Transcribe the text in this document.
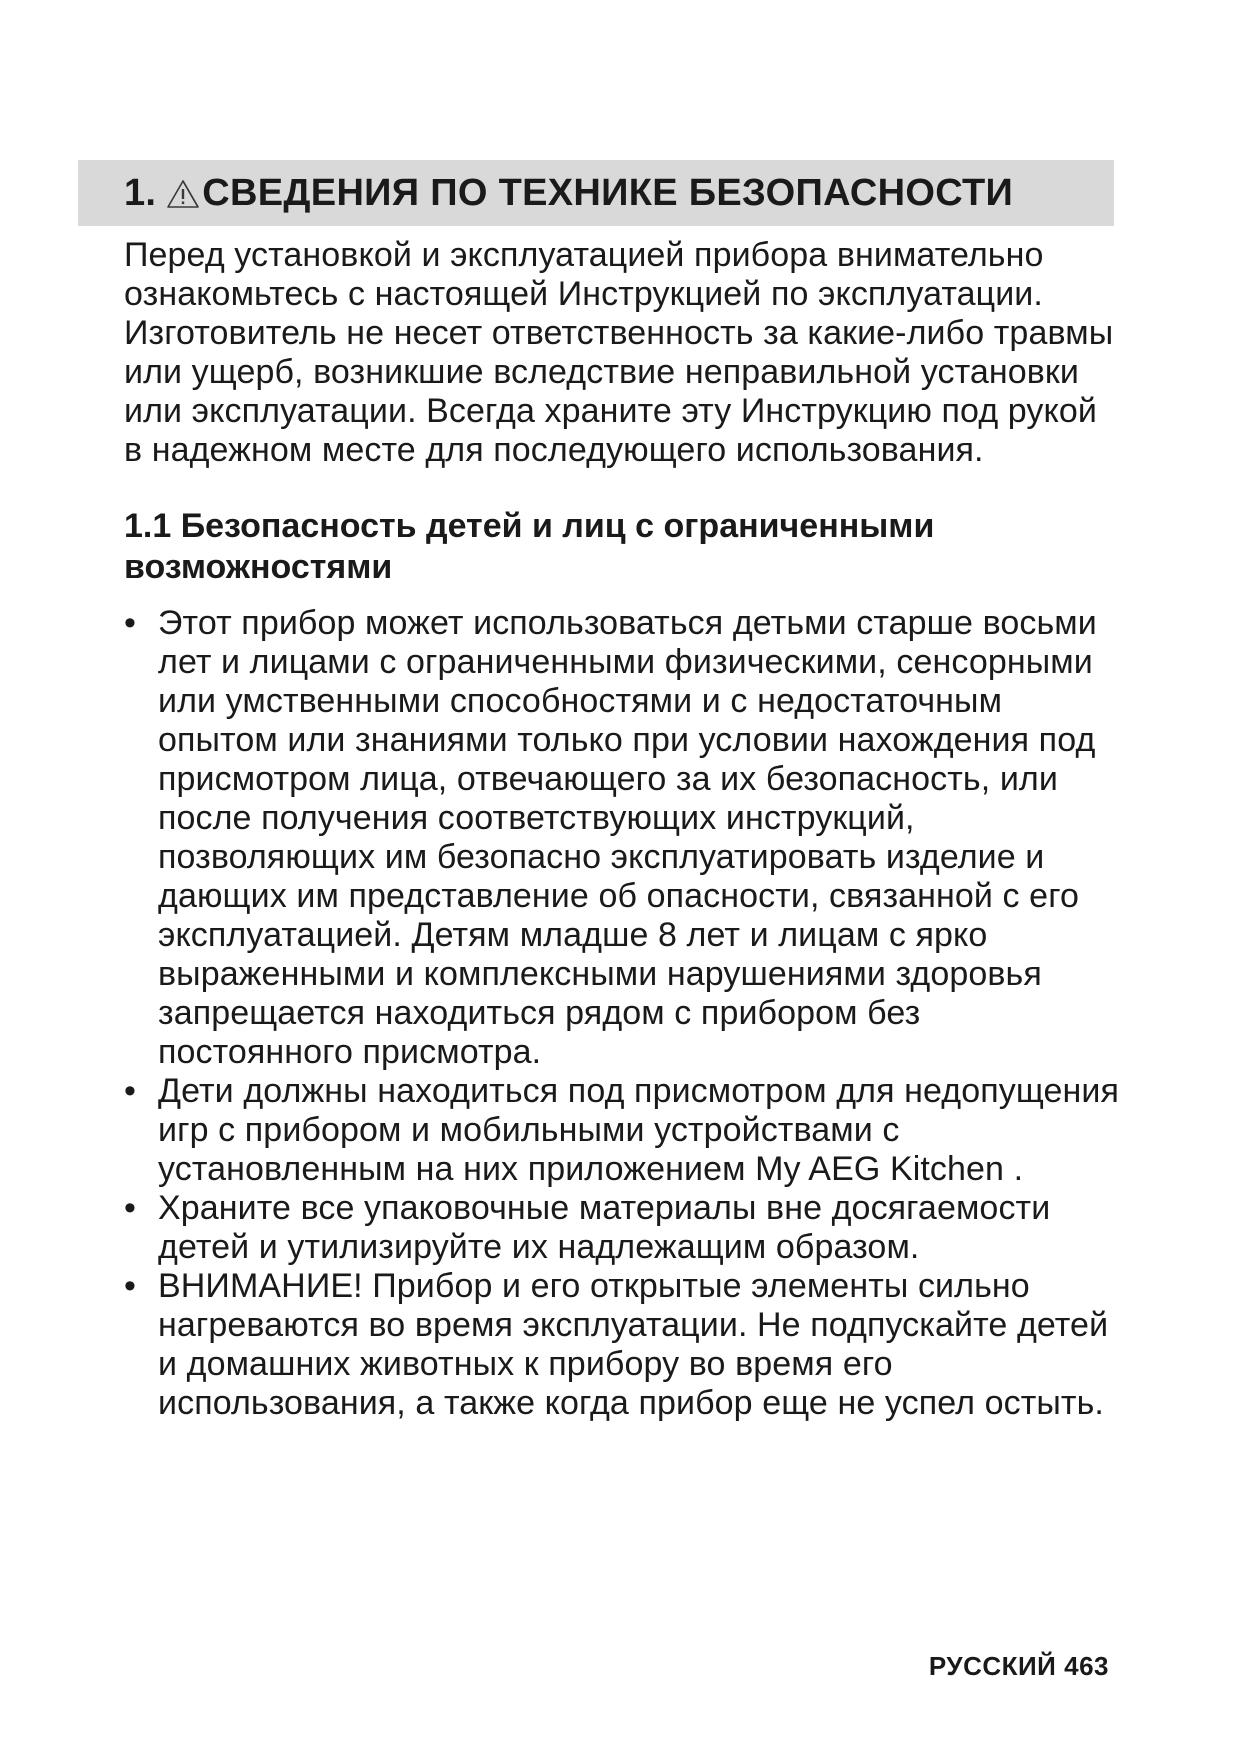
1. СВЕДЕНИЯ ПО ТЕХНИКЕ БЕЗОПАСНОСТИ

Перед установкой и эксплуатацией прибора внимательно ознакомьтесь с настоящей Инструкцией по эксплуатации. Изготовитель не несет ответственность за какие-либо травмы или ущерб, возникшие вследствие неправильной установки или эксплуатации. Всегда храните эту Инструкцию под рукой в надежном месте для последующего использования.

1.1 Безопасность детей и лиц с ограниченными возможностями
• Этот прибор может использоваться детьми старше восьми лет и лицами с ограниченными физическими, сенсорными или умственными способностями и с недостаточным опытом или знаниями только при условии нахождения под присмотром лица, отвечающего за их безопасность, или после получения соответствующих инструкций, позволяющих им безопасно эксплуатировать изделие и дающих им представление об опасности, связанной с его эксплуатацией. Детям младше 8 лет и лицам с ярко выраженными и комплексными нарушениями здоровья запрещается находиться рядом с прибором без постоянного присмотра.
• Дети должны находиться под присмотром для недопущения игр с прибором и мобильными устройствами с установленным на них приложением My AEG Kitchen .
• Храните все упаковочные материалы вне досягаемости детей и утилизируйте их надлежащим образом.
• ВНИМАНИЕ! Прибор и его открытые элементы сильно нагреваются во время эксплуатации. Не подпускайте детей и домашних животных к прибору во время его использования, а также когда прибор еще не успел остыть.
РУССКИЙ 463
